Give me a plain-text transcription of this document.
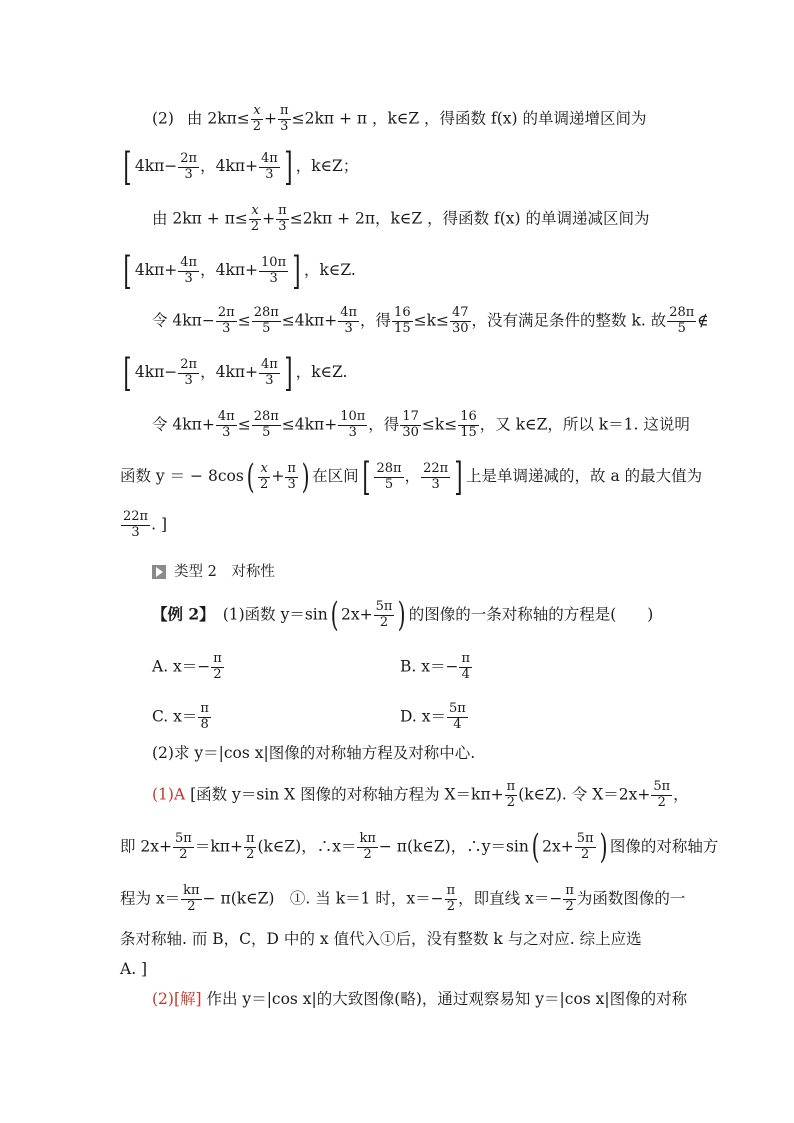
(2) 由 $2k\pi\le \frac{x}{2} + \frac{\pi}{3} \le 2k\pi + \pi$ ，k∈Z ，得函数 f(x) 的单调递增区间为
[ $4k\pi- \frac{2\pi}{3}$ ，$4k\pi+ \frac{4\pi}{3}$ ] ，k∈Z；
由 $2k\pi + \pi\le \frac{x}{2} + \frac{\pi}{3} \le 2k\pi + 2\pi$，k∈Z ，得函数 f(x) 的单调递减区间为
[ $4k\pi+ \frac{4\pi}{3}$ ，$4k\pi+ \frac{10\pi}{3}$ ] ，k∈Z.
令 $4k\pi- \frac{2\pi}{3} \le \frac{28\pi}{5} \le 4k\pi+ \frac{4\pi}{3}$ ，得 $\frac{16}{15} \le k\le \frac{47}{30}$ ，没有满足条件的整数 k. 故 $\frac{28\pi}{5}$ ∉
[ $4k\pi- \frac{2\pi}{3}$ ，$4k\pi+ \frac{4\pi}{3}$ ] ，k∈Z.
令 $4k\pi+ \frac{4\pi}{3} \le \frac{28\pi}{5} \le 4k\pi+ \frac{10\pi}{3}$ ，得 $\frac{17}{30} \le k\le \frac{16}{15}$ ，又 k∈Z，所以 k＝1. 这说明
函数 y ＝ − $8\cos( \frac{x}{2} + \frac{\pi}{3}$ ) 在区间[ $\frac{28\pi}{5}$ ， $\frac{22\pi}{3}$ ] 上是单调递减的，故 a 的最大值为
$\frac{22\pi}{3}$ . ]
类型 2　对称性
【例 2】 (1)函数 y＝sin( $2x+ \frac{5\pi}{2}$ ) 的图像的一条对称轴的方程是(　　)
A. $x=- \frac{\pi}{2}$	B. $x=- \frac{\pi}{4}$
C. $x= \frac{\pi}{8}$	D. $x= \frac{5\pi}{4}$
(2)求 y＝|cos x|图像的对称轴方程及对称中心.
(1)A [函数 y＝sin X 图像的对称轴方程为 $X=k\pi+ \frac{\pi}{2}$ (k∈Z). 令 $X=2x+ \frac{5\pi}{2}$ ，
即 $2x+ \frac{5\pi}{2} =k\pi+ \frac{\pi}{2}$ (k∈Z)，∴x＝ $\frac{k\pi}{2}$ − π(k∈Z)，∴y＝sin( $2x+ \frac{5\pi}{2}$ ) 图像的对称轴方
程为 $x= \frac{k\pi}{2}$ − π(k∈Z)　①. 当 k＝1 时，$x=- \frac{\pi}{2}$ ，即直线 $x=- \frac{\pi}{2}$ 为函数图像的一
条对称轴. 而 B，C，D 中的 x 值代入①后，没有整数 k 与之对应. 综上应选
A. ]
(2)[解] 作出 y＝|cos x|的大致图像(略)，通过观察易知 y＝|cos x|图像的对称
